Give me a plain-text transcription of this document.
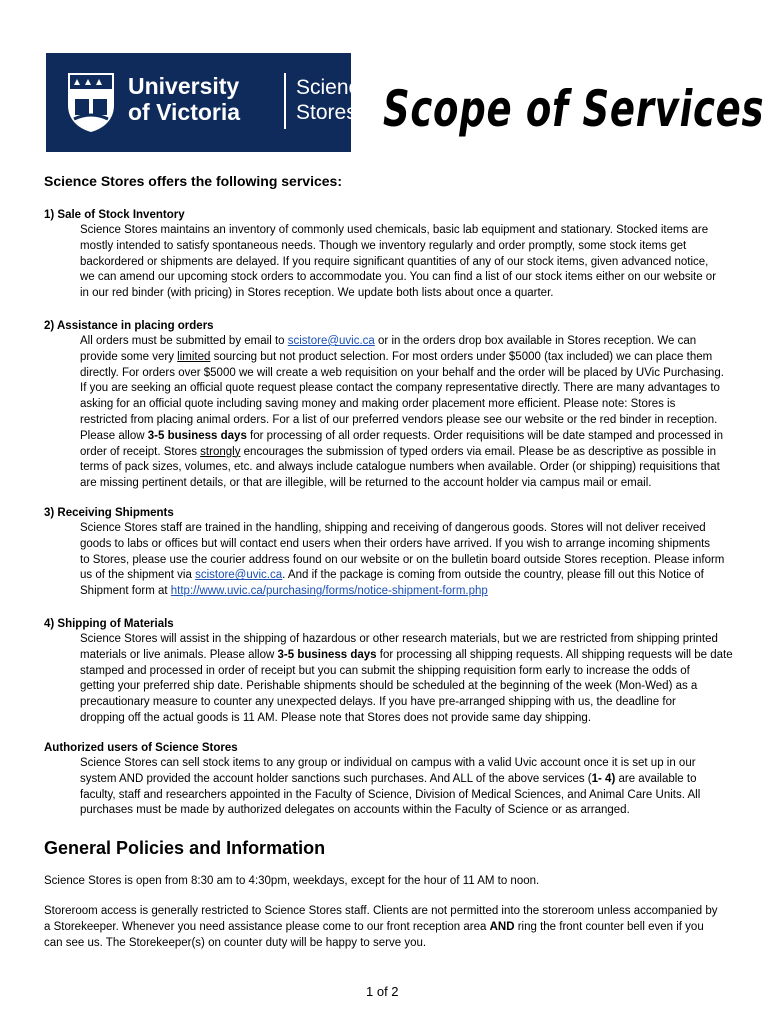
University
of Victoria
Science
Stores Scope of Services
Science Stores offers the following services:
1) Sale of Stock Inventory
Science Stores maintains an inventory of commonly used chemicals, basic lab equipment and stationary. Stocked items are
mostly intended to satisfy spontaneous needs. Though we inventory regularly and order promptly, some stock items get
backordered or shipments are delayed. If you require significant quantities of any of our stock items, given advanced notice,
we can amend our upcoming stock orders to accommodate you. You can find a list of our stock items either on our website or
in our red binder (with pricing) in Stores reception. We update both lists about once a quarter.
2) Assistance in placing orders
All orders must be submitted by email to scistore@uvic.ca or in the orders drop box available in Stores reception. We can
provide some very limited sourcing but not product selection. For most orders under $5000 (tax included) we can place them
directly. For orders over $5000 we will create a web requisition on your behalf and the order will be placed by UVic Purchasing.
If you are seeking an official quote request please contact the company representative directly. There are many advantages to
asking for an official quote including saving money and making order placement more efficient. Please note: Stores is
restricted from placing animal orders. For a list of our preferred vendors please see our website or the red binder in reception.
Please allow 3-5 business days for processing of all order requests. Order requisitions will be date stamped and processed in
order of receipt. Stores strongly encourages the submission of typed orders via email. Please be as descriptive as possible in
terms of pack sizes, volumes, etc. and always include catalogue numbers when available. Order (or shipping) requisitions that
are missing pertinent details, or that are illegible, will be returned to the account holder via campus mail or email.
3) Receiving Shipments
Science Stores staff are trained in the handling, shipping and receiving of dangerous goods. Stores will not deliver received
goods to labs or offices but will contact end users when their orders have arrived. If you wish to arrange incoming shipments
to Stores, please use the courier address found on our website or on the bulletin board outside Stores reception. Please inform
us of the shipment via scistore@uvic.ca. And if the package is coming from outside the country, please fill out this Notice of
Shipment form at http://www.uvic.ca/purchasing/forms/notice-shipment-form.php
4) Shipping of Materials
Science Stores will assist in the shipping of hazardous or other research materials, but we are restricted from shipping printed
materials or live animals. Please allow 3-5 business days for processing all shipping requests. All shipping requests will be date
stamped and processed in order of receipt but you can submit the shipping requisition form early to increase the odds of
getting your preferred ship date. Perishable shipments should be scheduled at the beginning of the week (Mon-Wed) as a
precautionary measure to counter any unexpected delays. If you have pre-arranged shipping with us, the deadline for
dropping off the actual goods is 11 AM. Please note that Stores does not provide same day shipping.
Authorized users of Science Stores
Science Stores can sell stock items to any group or individual on campus with a valid Uvic account once it is set up in our
system AND provided the account holder sanctions such purchases. And ALL of the above services (1- 4) are available to
faculty, staff and researchers appointed in the Faculty of Science, Division of Medical Sciences, and Animal Care Units. All
purchases must be made by authorized delegates on accounts within the Faculty of Science or as arranged.
General Policies and Information
Science Stores is open from 8:30 am to 4:30pm, weekdays, except for the hour of 11 AM to noon.
Storeroom access is generally restricted to Science Stores staff. Clients are not permitted into the storeroom unless accompanied by
a Storekeeper. Whenever you need assistance please come to our front reception area AND ring the front counter bell even if you
can see us. The Storekeeper(s) on counter duty will be happy to serve you.
1 of 2
